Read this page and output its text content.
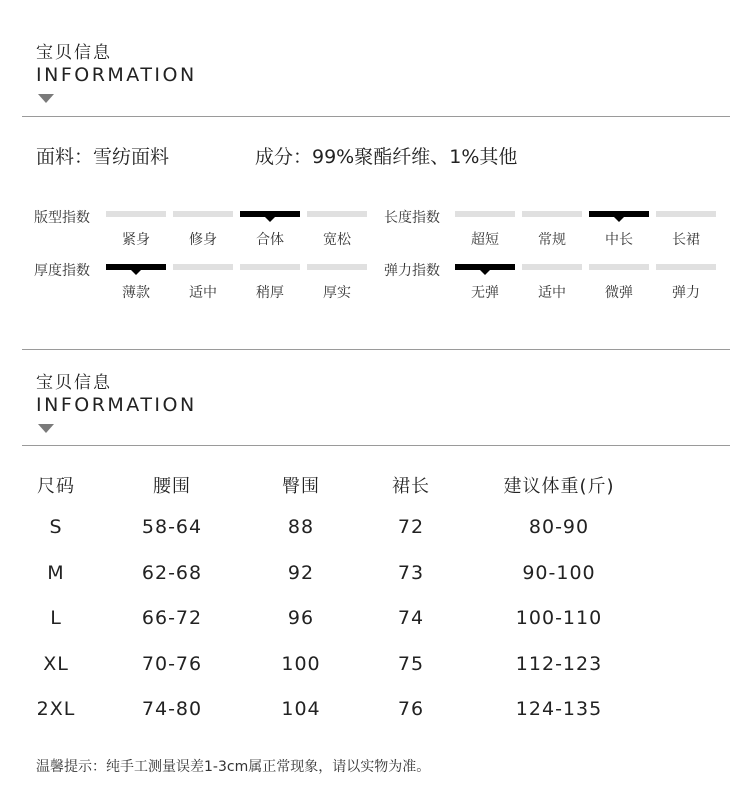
宝贝信息
INFORMATION
面料：雪纺面料	成分：99%聚酯纤维、1%其他
版型指数
紧身	修身	合体	宽松
长度指数
超短	常规	中长	长裙
厚度指数
薄款	适中	稍厚	厚实
弹力指数
无弹	适中	微弹	弹力
宝贝信息
INFORMATION
尺码	腰围	臀围	裙长	建议体重(斤)
S	58-64	88	72	80-90
M	62-68	92	73	90-100
L	66-72	96	74	100-110
XL	70-76	100	75	112-123
2XL	74-80	104	76	124-135
温馨提示：纯手工测量误差1-3cm属正常现象，请以实物为准。
